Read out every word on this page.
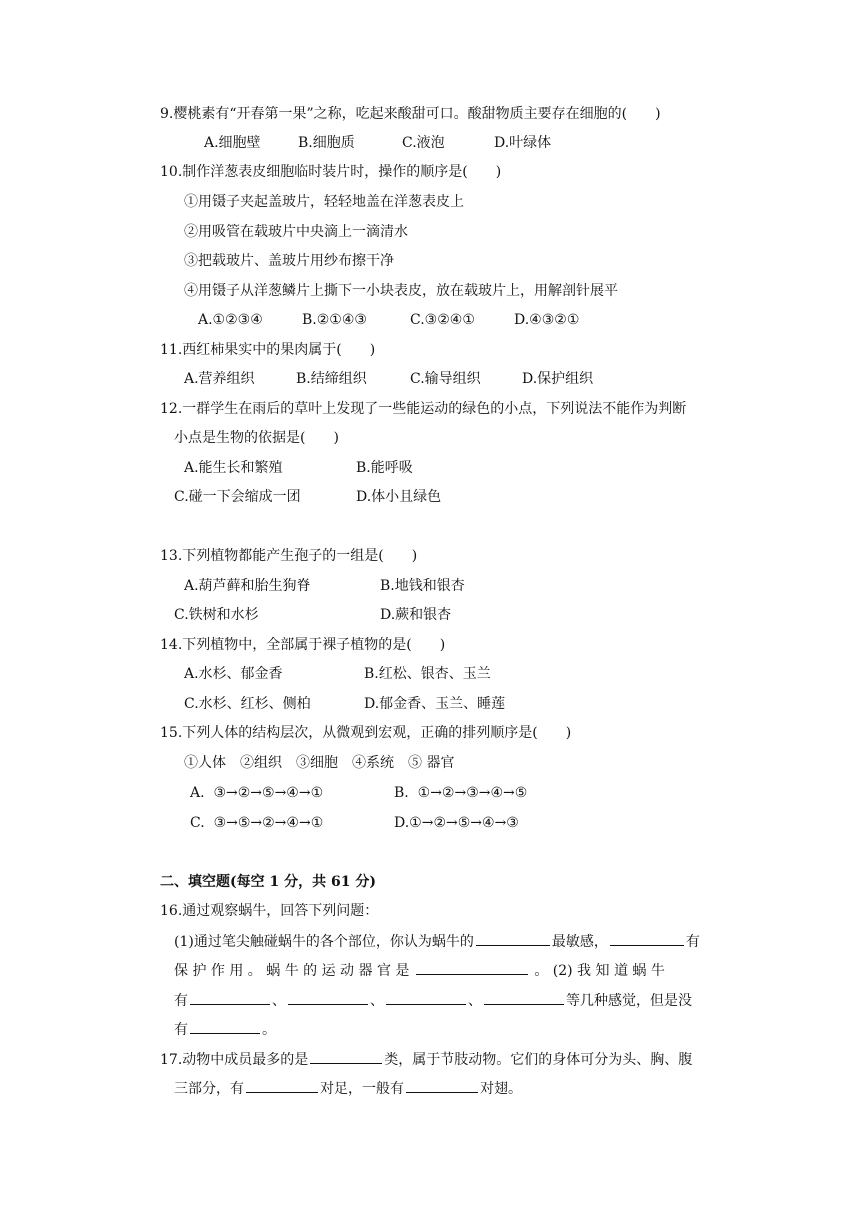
9.樱桃素有“开春第一果”之称，吃起来酸甜可口。酸甜物质主要存在细胞的(　　)
A.细胞壁	B.细胞质	C.液泡	D.叶绿体
10.制作洋葱表皮细胞临时装片时，操作的顺序是(　　)
①用镊子夹起盖玻片，轻轻地盖在洋葱表皮上
②用吸管在载玻片中央滴上一滴清水
③把载玻片、盖玻片用纱布擦干净
④用镊子从洋葱鳞片上撕下一小块表皮，放在载玻片上，用解剖针展平
A.①②③④	B.②①④③	C.③②④①	D.④③②①
11.西红柿果实中的果肉属于(　　)
A.营养组织	B.结缔组织	C.输导组织	D.保护组织
12.一群学生在雨后的草叶上发现了一些能运动的绿色的小点，下列说法不能作为判断
小点是生物的依据是(　　)
A.能生长和繁殖	B.能呼吸
C.碰一下会缩成一团	D.体小且绿色
13.下列植物都能产生孢子的一组是(　　)
A.葫芦藓和胎生狗脊	B.地钱和银杏
C.铁树和水杉	D.蕨和银杏
14.下列植物中，全部属于裸子植物的是(　　)
A.水杉、郁金香	B.红松、银杏、玉兰
C.水杉、红杉、侧柏	D.郁金香、玉兰、睡莲
15.下列人体的结构层次，从微观到宏观，正确的排列顺序是(　　)
①人体　②组织　③细胞　④系统　⑤ 器官
A.  ③→②→⑤→④→①	B.  ①→②→③→④→⑤
C.  ③→⑤→②→④→①	D.①→②→⑤→④→③
二、填空题(每空 1 分，共 61 分)
16.通过观察蜗牛，回答下列问题：
(1)通过笔尖触碰蜗牛的各个部位，你认为蜗牛的	最敏感，	有
保 护 作 用 。 蜗 牛 的 运 动 器 官 是	。 (2) 我 知 道 蜗 牛
有	、	、	、	等几种感觉，但是没
有	。
17.动物中成员最多的是	类，属于节肢动物。它们的身体可分为头、胸、腹
三部分，有	对足，一般有	对翅。
